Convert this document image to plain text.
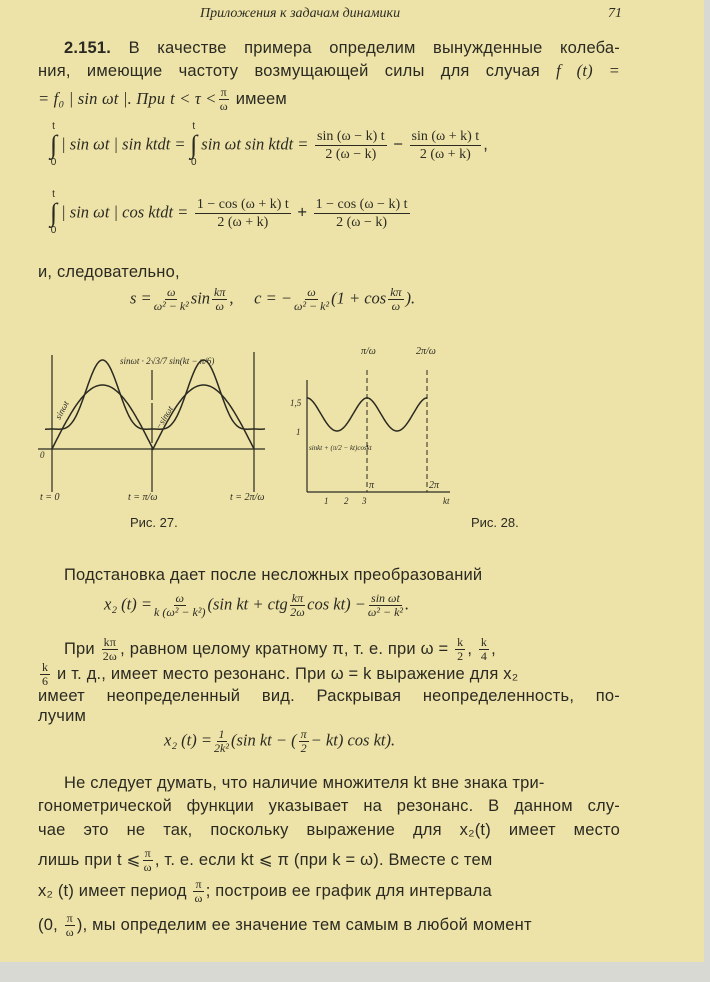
Приложения к задачам динамики	71
2.151. В качестве примера определим вынужденные колеба-
ния, имеющие частоту возмущающей силы для случая f (t) =
= f₀ | sin ωt |. При $t < \tau < \frac{\pi}{\omega}$ имеем
t
∫
0
| sin ωt | sin ktdt =
t
∫
0
sin ωt sin ktdt = $\frac{\sin (\omega - k) t}{2 (\omega - k)} - \frac{\sin (\omega + k) t}{2 (\omega + k)}$ ,
t
∫
0
| sin ωt | cos ktdt = $\frac{1 - \cos (\omega + k) t}{2 (\omega + k)} + \frac{1 - \cos (\omega - k) t}{2 (\omega - k)}$
и, следовательно,
$s = \frac{\omega}{\text{ω² − k²}}$ $\sin \frac{k\pi}{\omega}$ , c = − $\frac{\omega}{\text{ω² − k²}} (1 + \cos \frac{k\pi}{\omega}$ ).
sinωt · 2√3/7 sin(kt − π/6)
sinωt	−sinωt
0
t = 0	t = π/ω	t = 2π/ω
π/ω	2π/ω
1,5
1
sinkt + (π/2 − kt)coskt
π	2π
1 2 3	kt
Рис. 27.	Рис. 28.
Подстановка дает после несложных преобразований
x₂ $(t) = \frac{\omega}{\text{k (ω² − k²)}} (\sin$ kt + ctg $\frac{k\pi}{2\omega}$ $\cos kt) - \frac{\text{sin ωt}}{\text{ω² − k²}}$ .
При $\frac{k\pi}{2\omega}$ , равном целому кратному π, т. е. при $\omega = \frac{k}{2}$ , $\frac{k}{4}$ ,
$\frac{k}{6}$ и т. д., имеет место резонанс. При ω = k выражение для x₂
имеет неопределенный вид. Раскрывая неопределенность, по-
лучим
x₂ $(t) = \frac{1}{\text{2k²}} (\sin$ kt − ( $\frac{\pi}{2} - kt$) cos kt).
Не следует думать, что наличие множителя kt вне знака три-
гонометрической функции указывает на резонанс. В данном слу-
чае это не так, поскольку выражение для x₂(t) имеет место
лишь при t ⩽ $\frac{\pi}{\omega}$ , т. е. если kt ⩽ π (при k = ω). Вместе с тем
x₂ (t) имеет период $\frac{\pi}{\omega}$ ; построив ее график для интервала
(0, $\frac{\pi}{\omega}$ ), мы определим ее значение тем самым в любой момент
